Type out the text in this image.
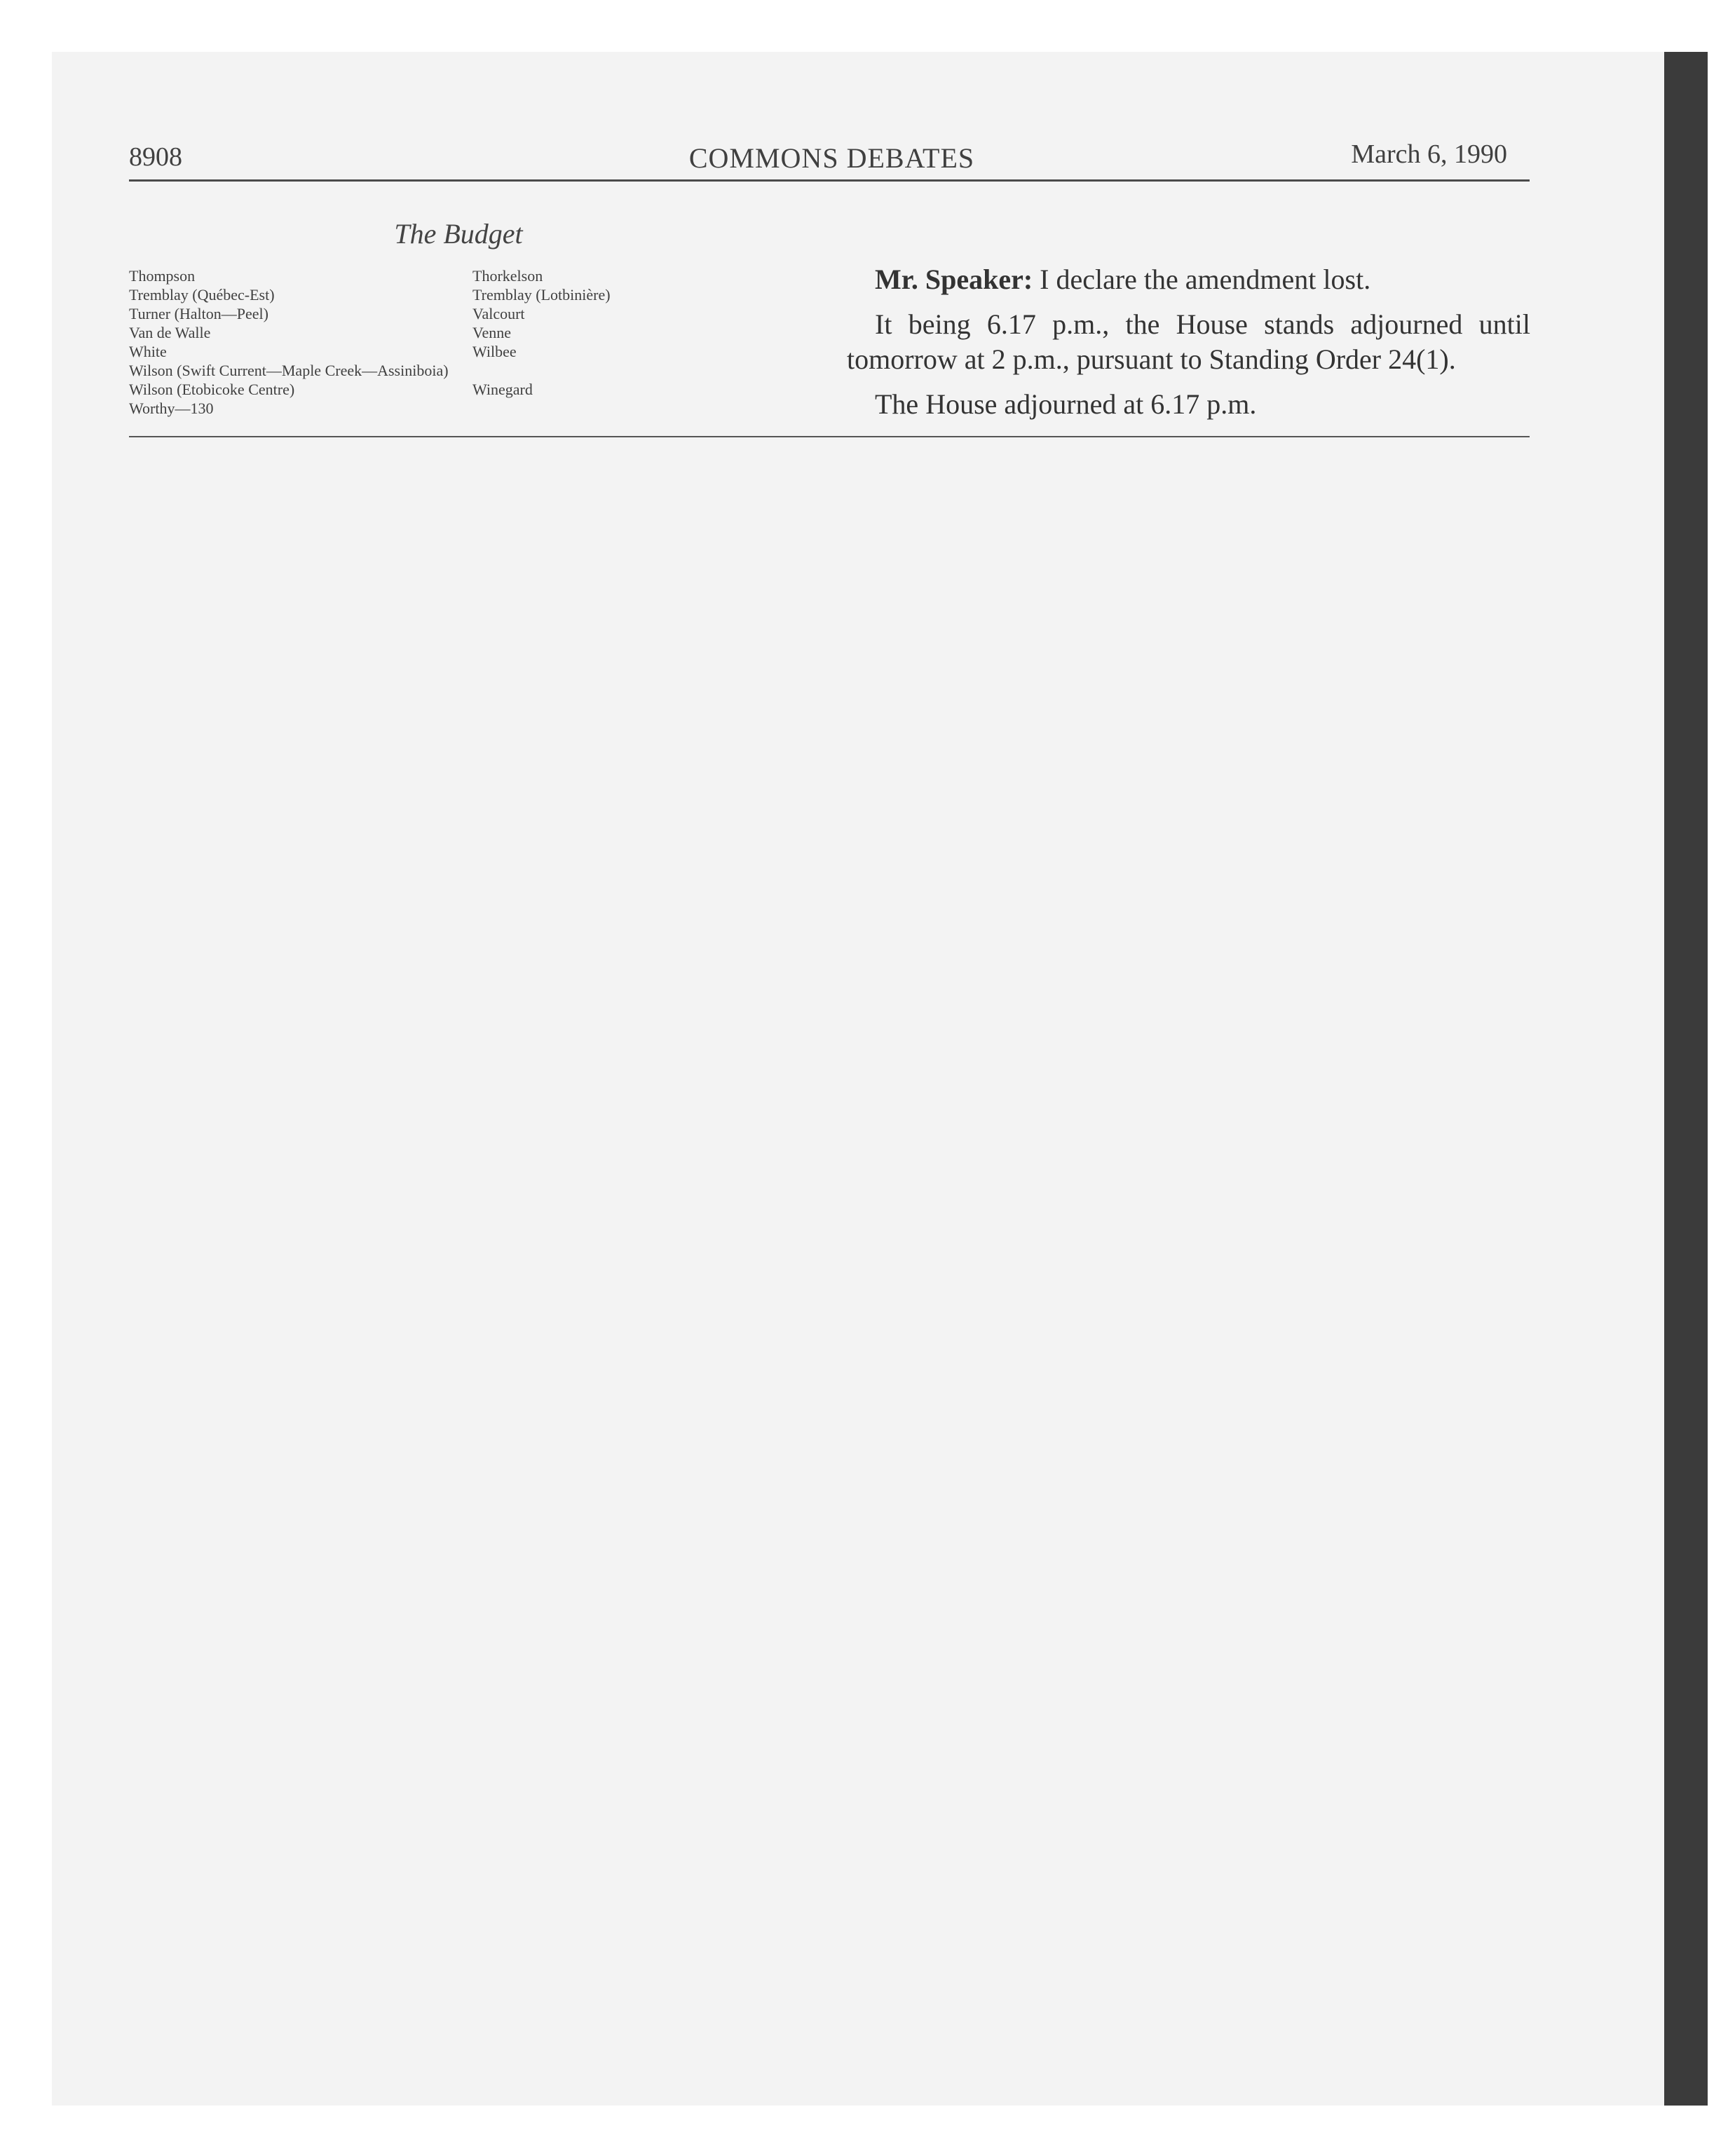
8908	COMMONS DEBATES	March 6, 1990
The Budget
Thompson	Thorkelson
Tremblay (Québec-Est)	Tremblay (Lotbinière)
Turner (Halton—Peel)	Valcourt
Van de Walle	Venne
White	Wilbee
Wilson (Swift Current—Maple Creek—Assiniboia)
Wilson (Etobicoke Centre)	Winegard
Worthy—130

Mr. Speaker: I declare the amendment lost.

It being 6.17 p.m., the House stands adjourned until tomorrow at 2 p.m., pursuant to Standing Order 24(1).

The House adjourned at 6.17 p.m.
